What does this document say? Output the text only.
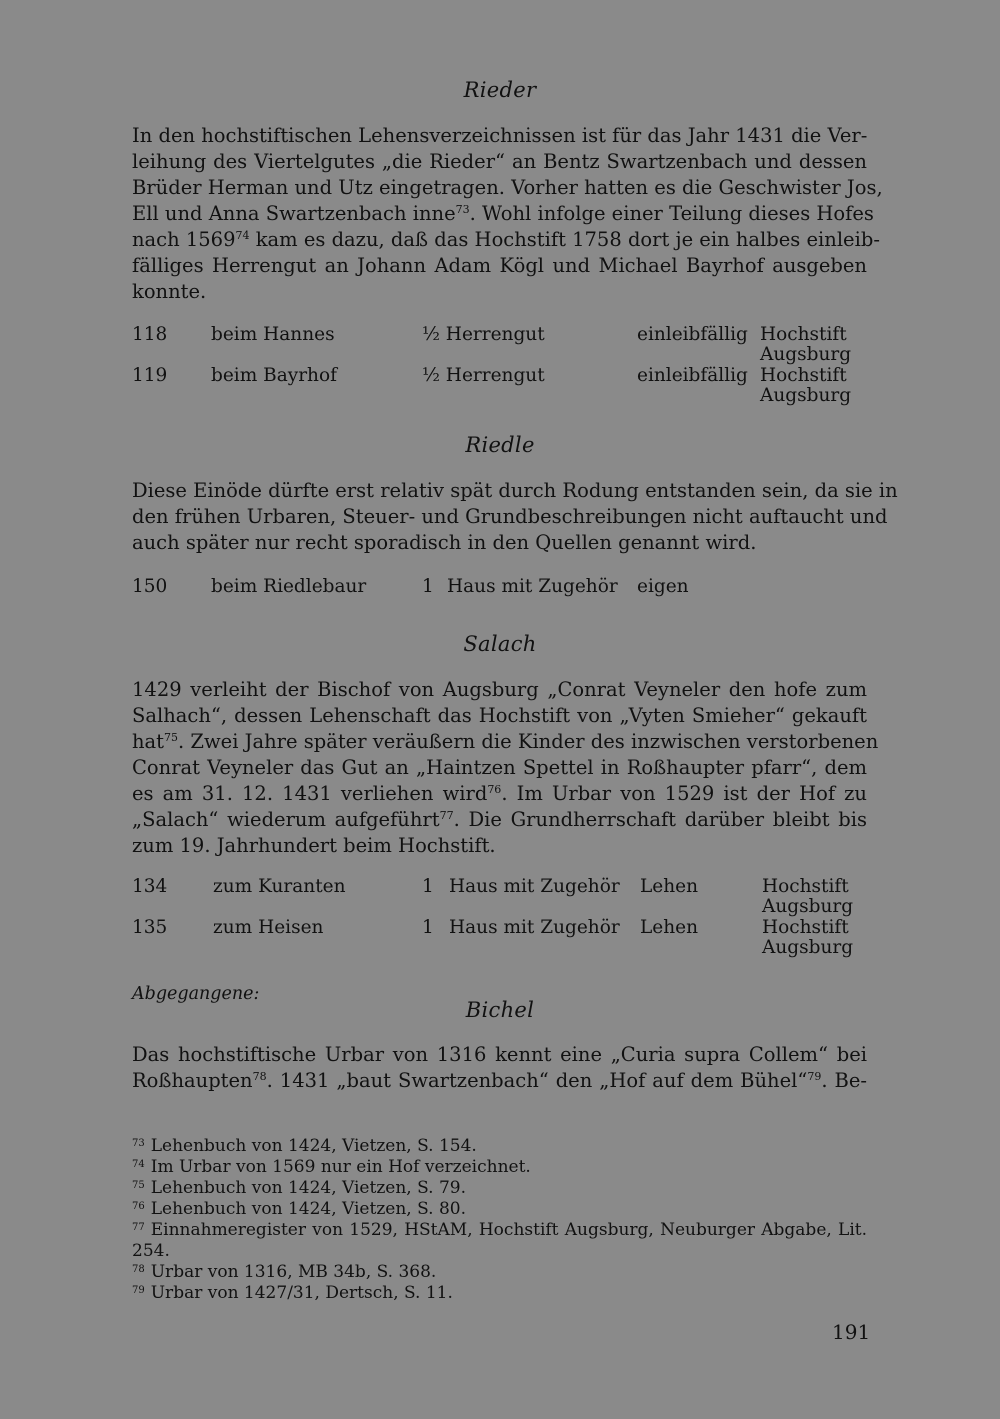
Rieder
In den hochstiftischen Lehensverzeichnissen ist für das Jahr 1431 die Ver-
leihung des Viertelgutes „die Rieder“ an Bentz Swartzenbach und dessen
Brüder Herman und Utz eingetragen. Vorher hatten es die Geschwister Jos,
Ell und Anna Swartzenbach inne$^{73}$. Wohl infolge einer Teilung dieses Hofes
nach 1569$^{74}$ kam es dazu, daß das Hochstift 1758 dort je ein halbes einleib-
fälliges Herrengut an Johann Adam Kögl und Michael Bayrhof ausgeben
konnte.
118 beim Hannes	½ Herrengut	einleibfällig Hochstift
Augsburg
119 beim Bayrhof	½ Herrengut	einleibfällig Hochstift
Augsburg
Riedle
Diese Einöde dürfte erst relativ spät durch Rodung entstanden sein, da sie in
den frühen Urbaren, Steuer- und Grundbeschreibungen nicht auftaucht und
auch später nur recht sporadisch in den Quellen genannt wird.
150 beim Riedlebaur	1 Haus mit Zugehör eigen
Salach
1429 verleiht der Bischof von Augsburg „Conrat Veyneler den hofe zum
Salhach“, dessen Lehenschaft das Hochstift von „Vyten Smieher“ gekauft
hat$^{75}$. Zwei Jahre später veräußern die Kinder des inzwischen verstorbenen
Conrat Veyneler das Gut an „Haintzen Spettel in Roßhaupter pfarr“, dem
es am 31. 12. 1431 verliehen wird$^{76}$. Im Urbar von 1529 ist der Hof zu
„Salach“ wiederum aufgeführt$^{77}$. Die Grundherrschaft darüber bleibt bis
zum 19. Jahrhundert beim Hochstift.
134 zum Kuranten	1 Haus mit Zugehör Lehen	Hochstift
Augsburg
135 zum Heisen	1 Haus mit Zugehör Lehen	Hochstift
Augsburg
Abgegangene:
Bichel
Das hochstiftische Urbar von 1316 kennt eine „Curia supra Collem“ bei
Roßhaupten$^{78}$. 1431 „baut Swartzenbach“ den „Hof auf dem Bühel“$^{79}$. Be-
$^{73}$ Lehenbuch von 1424, Vietzen, S. 154.
$^{74}$ Im Urbar von 1569 nur ein Hof verzeichnet.
$^{75}$ Lehenbuch von 1424, Vietzen, S. 79.
$^{76}$ Lehenbuch von 1424, Vietzen, S. 80.
$^{77}$ Einnahmeregister von 1529, HStAM, Hochstift Augsburg, Neuburger Abgabe, Lit. 254.
$^{78}$ Urbar von 1316, MB 34b, S. 368.
$^{79}$ Urbar von 1427/31, Dertsch, S. 11.
191
